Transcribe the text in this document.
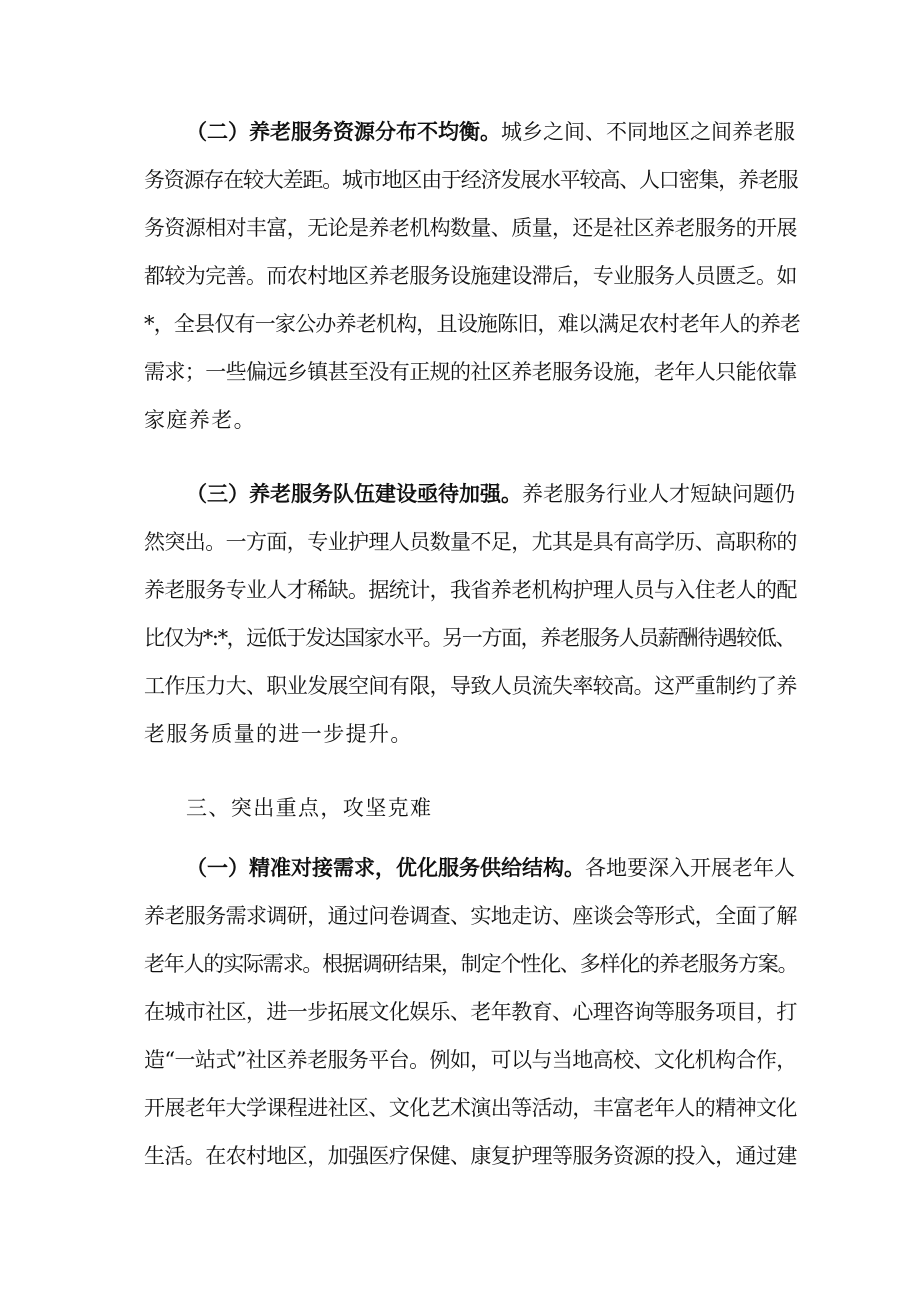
（二）养老服务资源分布不均衡。城乡之间、不同地区之间养老服
务资源存在较大差距。城市地区由于经济发展水平较高、人口密集，养老服
务资源相对丰富，无论是养老机构数量、质量，还是社区养老服务的开展
都较为完善。而农村地区养老服务设施建设滞后，专业服务人员匮乏。如
*，全县仅有一家公办养老机构，且设施陈旧，难以满足农村老年人的养老
需求；一些偏远乡镇甚至没有正规的社区养老服务设施，老年人只能依靠
家庭养老。
（三）养老服务队伍建设亟待加强。养老服务行业人才短缺问题仍
然突出。一方面，专业护理人员数量不足，尤其是具有高学历、高职称的
养老服务专业人才稀缺。据统计，我省养老机构护理人员与入住老人的配
比仅为*:*，远低于发达国家水平。另一方面，养老服务人员薪酬待遇较低、
工作压力大、职业发展空间有限，导致人员流失率较高。这严重制约了养
老服务质量的进一步提升。
三、突出重点，攻坚克难
（一）精准对接需求，优化服务供给结构。各地要深入开展老年人
养老服务需求调研，通过问卷调查、实地走访、座谈会等形式，全面了解
老年人的实际需求。根据调研结果，制定个性化、多样化的养老服务方案。
在城市社区，进一步拓展文化娱乐、老年教育、心理咨询等服务项目，打
造“一站式”社区养老服务平台。例如，可以与当地高校、文化机构合作，
开展老年大学课程进社区、文化艺术演出等活动，丰富老年人的精神文化
生活。在农村地区，加强医疗保健、康复护理等服务资源的投入，通过建
